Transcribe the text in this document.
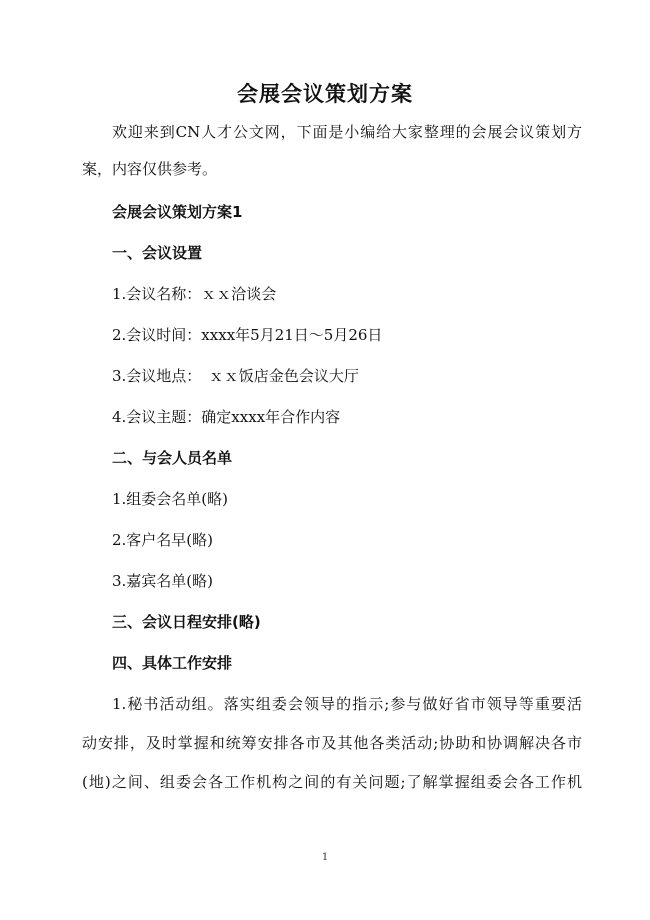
会展会议策划方案
欢迎来到CN人才公文网，下面是小编给大家整理的会展会议策划方
案，内容仅供参考。
会展会议策划方案1
一、会议设置
1.会议名称：ｘｘ洽谈会
2.会议时间：xxxx年5月21日～5月26日
3.会议地点：　ｘｘ饭店金色会议大厅
4.会议主题：确定xxxx年合作内容
二、与会人员名单
1.组委会名单(略)
2.客户名早(略)
3.嘉宾名单(略)
三、会议日程安排(略)
四、具体工作安排
1.秘书活动组。落实组委会领导的指示;参与做好省市领导等重要活
动安排，及时掌握和统筹安排各市及其他各类活动;协助和协调解决各市
(地)之间、组委会各工作机构之间的有关问题;了解掌握组委会各工作机
1
